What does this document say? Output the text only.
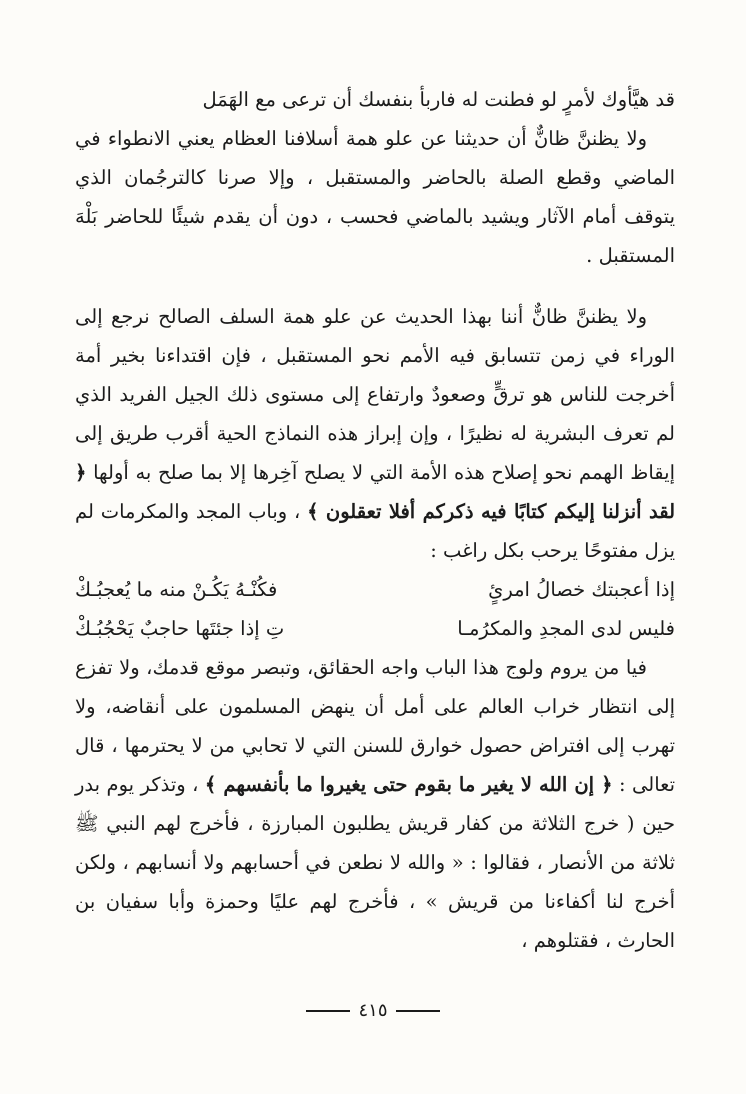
قد هيَّأوك لأمرٍ لو فطنت له فاربأ بنفسك أن ترعى مع الهَمَل

ولا يظننَّ ظانٌّ أن حديثنا عن علو همة أسلافنا العظام يعني الانطواء في الماضي وقطع الصلة بالحاضر والمستقبل ، وإلا صرنا كالترجُمان الذي يتوقف أمام الآثار ويشيد بالماضي فحسب ، دون أن يقدم شيئًا للحاضر بَلْهَ المستقبل .

ولا يظننَّ ظانٌّ أننا بهذا الحديث عن علو همة السلف الصالح نرجع إلى الوراء في زمن تتسابق فيه الأمم نحو المستقبل ، فإن اقتداءنا بخير أمة أخرجت للناس هو ترقٍّ وصعودٌ وارتفاع إلى مستوى ذلك الجيل الفريد الذي لم تعرف البشرية له نظيرًا ، وإن إبراز هذه النماذج الحية أقرب طريق إلى إيقاظ الهمم نحو إصلاح هذه الأمة التي لا يصلح آخِرها إلا بما صلح به أولها ﴿ لقد أنزلنا إليكم كتابًا فيه ذكركم أفلا تعقلون ﴾ ، وباب المجد والمكرمات لم يزل مفتوحًا يرحب بكل راغب :

إذا أعجبتك خصالُ امرئٍ
فكُنْـهُ يَكُـنْ منه ما يُعجبُـكْ
فليس لدى المجدِ والمكرُمـا
تِ إذا جئتَها حاجبٌ يَحْجُبُـكْ

فيا من يروم ولوج هذا الباب واجه الحقائق، وتبصر موقع قدمك، ولا تفزع إلى انتظار خراب العالم على أمل أن ينهض المسلمون على أنقاضه، ولا تهرب إلى افتراض حصول خوارق للسنن التي لا تحابي من لا يحترمها ، قال تعالى : ﴿ إن الله لا يغير ما بقوم حتى يغيروا ما بأنفسهم ﴾ ، وتذكر يوم بدر حين ( خرج الثلاثة من كفار قريش يطلبون المبارزة ، فأخرج لهم النبي ﷺ ثلاثة من الأنصار ، فقالوا : « والله لا نطعن في أحسابهم ولا أنسابهم ، ولكن أخرج لنا أكفاءنا من قريش » ، فأخرج لهم عليًا وحمزة وأبا سفيان بن الحارث ، فقتلوهم ،

٤١٥
